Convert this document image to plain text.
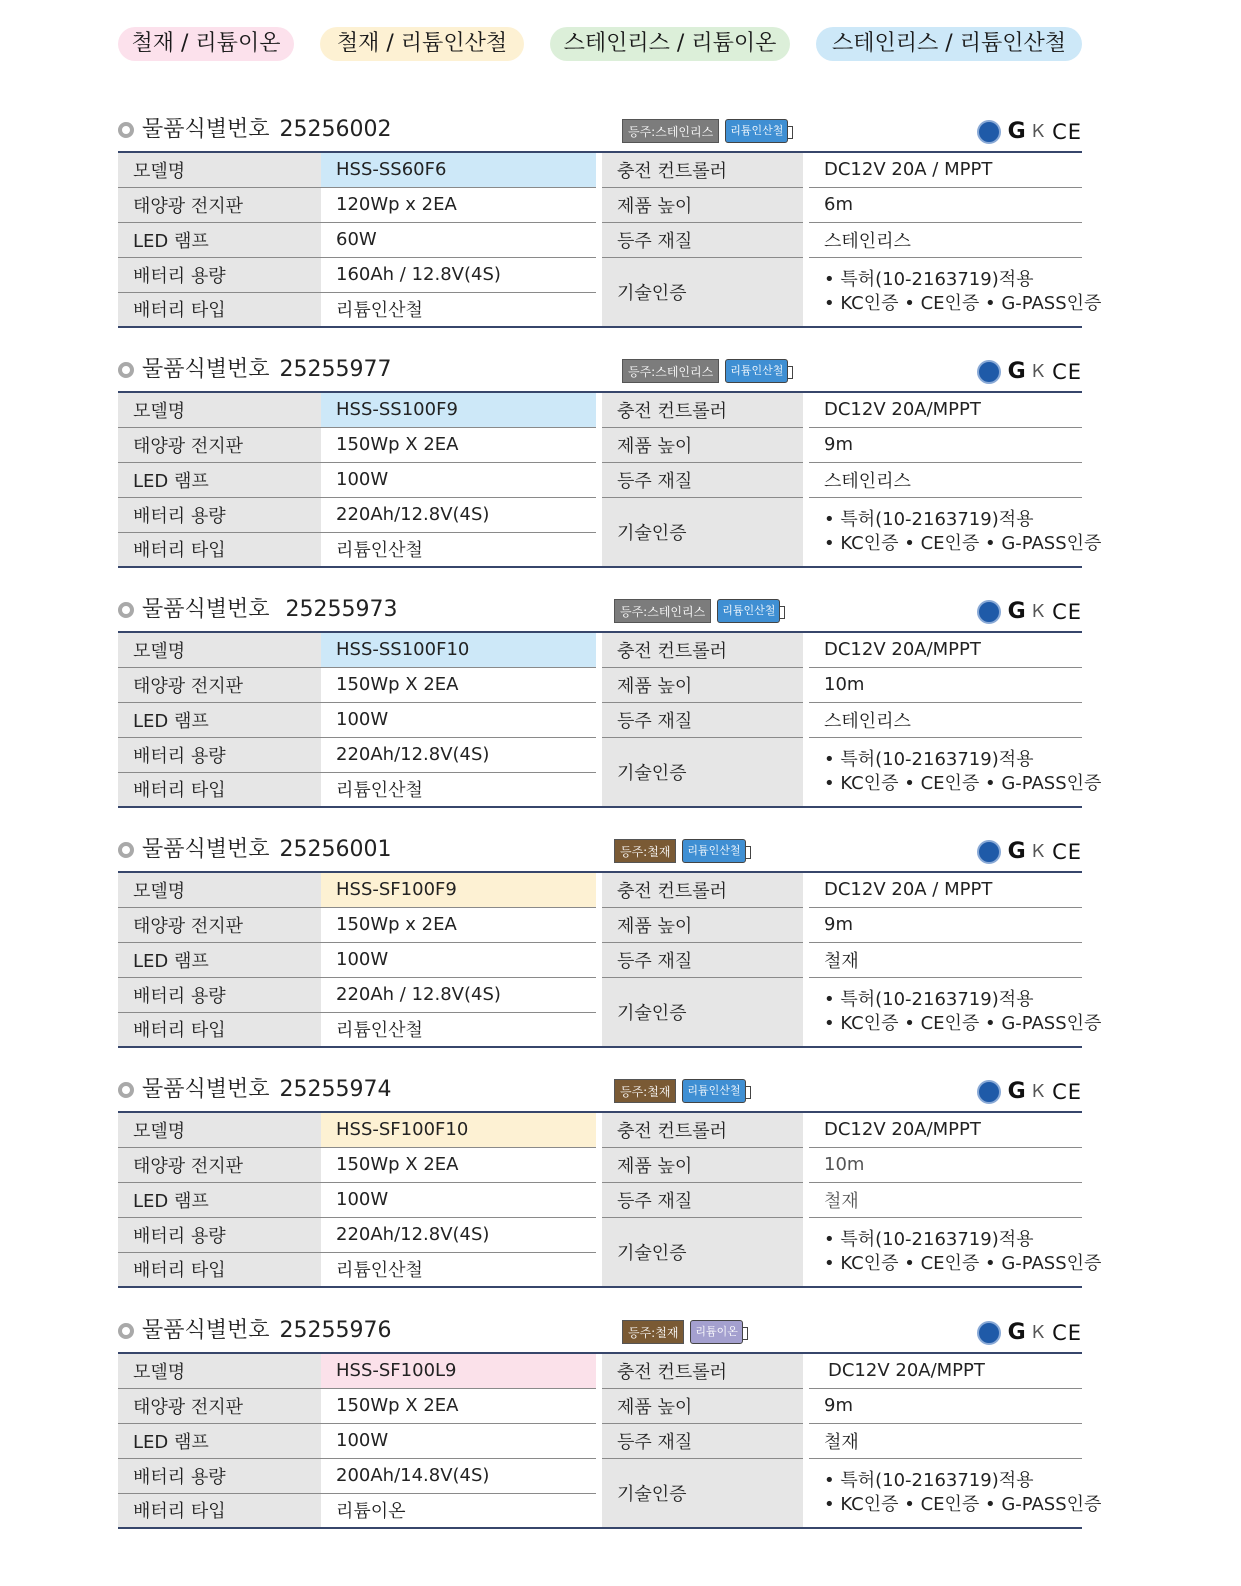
철재 / 리튬이온	철재 / 리튬인산철	스테인리스 / 리튬이온	스테인리스 / 리튬인산철
물품식별번호 25256002	등주:스테인리스	리튬인산철	G Ꮶ CE
모델명	HSS-SS60F6		충전 컨트롤러		DC12V 20A / MPPT
태양광 전지판	120Wp x 2EA		제품 높이		6m
LED 램프	60W		등주 재질		스테인리스
배터리 용량	160Ah / 12.8V(4S)		기술인증		• 특허(10-2163719)적용
• KC인증 • CE인증 • G-PASS인증

배터리 타입	리튬인산철				
물품식별번호 25255977	등주:스테인리스	리튬인산철	G Ꮶ CE
모델명	HSS-SS100F9		충전 컨트롤러		DC12V 20A/MPPT
태양광 전지판	150Wp X 2EA		제품 높이		9m
LED 램프	100W		등주 재질		스테인리스
배터리 용량	220Ah/12.8V(4S)		기술인증		• 특허(10-2163719)적용
• KC인증 • CE인증 • G-PASS인증

배터리 타입	리튬인산철				
물품식별번호 25255973	등주:스테인리스	리튬인산철	G Ꮶ CE
모델명	HSS-SS100F10		충전 컨트롤러		DC12V 20A/MPPT
태양광 전지판	150Wp X 2EA		제품 높이		10m
LED 램프	100W		등주 재질		스테인리스
배터리 용량	220Ah/12.8V(4S)		기술인증		• 특허(10-2163719)적용
• KC인증 • CE인증 • G-PASS인증

배터리 타입	리튬인산철				
물품식별번호 25256001	등주:철재	리튬인산철	G Ꮶ CE
모델명	HSS-SF100F9		충전 컨트롤러		DC12V 20A / MPPT
태양광 전지판	150Wp x 2EA		제품 높이		9m
LED 램프	100W		등주 재질		철재
배터리 용량	220Ah / 12.8V(4S)		기술인증		• 특허(10-2163719)적용
• KC인증 • CE인증 • G-PASS인증

배터리 타입	리튬인산철				
물품식별번호 25255974	등주:철재	리튬인산철	G Ꮶ CE
모델명	HSS-SF100F10		충전 컨트롤러		DC12V 20A/MPPT
태양광 전지판	150Wp X 2EA		제품 높이		10m
LED 램프	100W		등주 재질		철재
배터리 용량	220Ah/12.8V(4S)		기술인증		• 특허(10-2163719)적용
• KC인증 • CE인증 • G-PASS인증

배터리 타입	리튬인산철				
물품식별번호 25255976	등주:철재	리튬이온	G Ꮶ CE
모델명	HSS-SF100L9		충전 컨트롤러		DC12V 20A/MPPT
태양광 전지판	150Wp X 2EA		제품 높이		9m
LED 램프	100W		등주 재질		철재
배터리 용량	200Ah/14.8V(4S)		기술인증		• 특허(10-2163719)적용
• KC인증 • CE인증 • G-PASS인증

배터리 타입	리튬이온				
